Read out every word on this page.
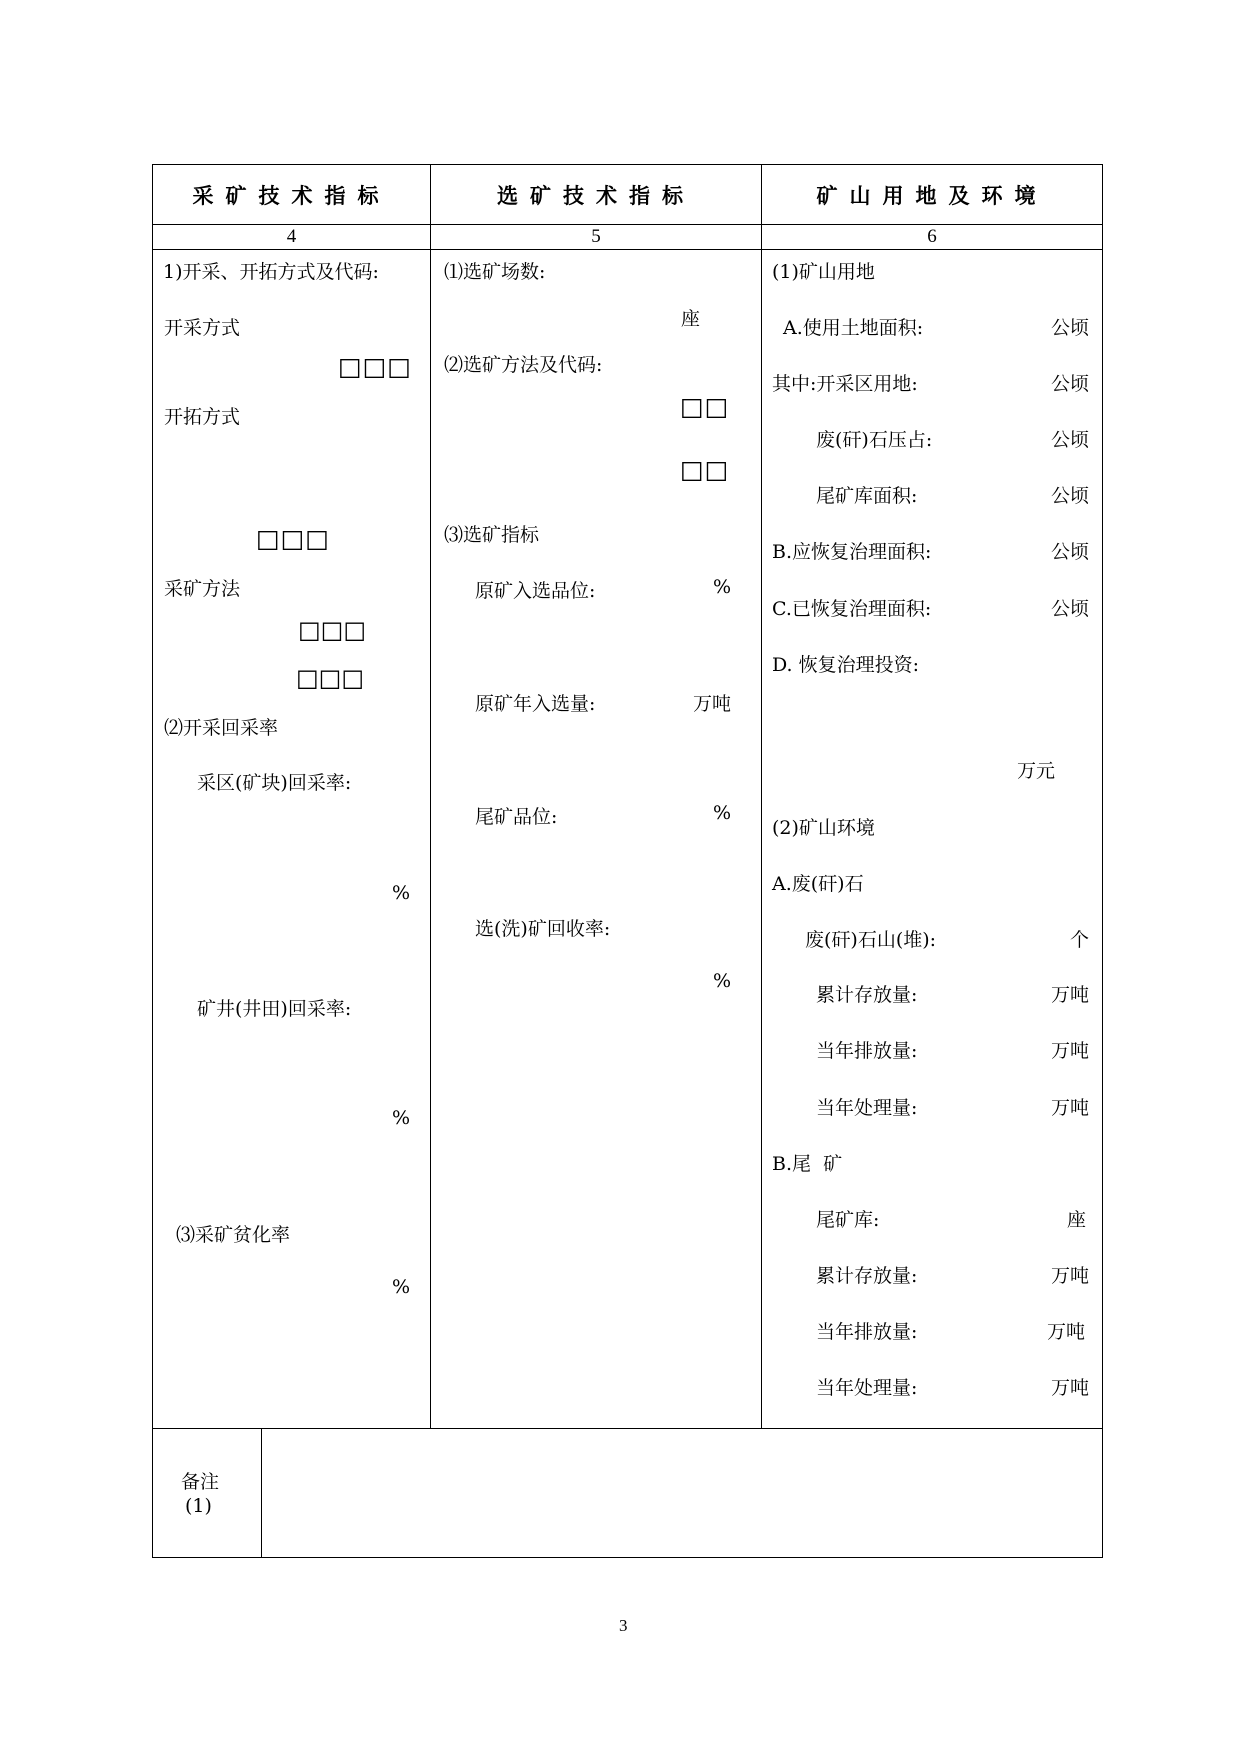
采矿技术指标	选矿技术指标	矿山用地及环境
4	5	6
1)开采、开拓方式及代码:
开采方式
□□□
开拓方式
□□□
采矿方法
□□□
□□□
⑵开采回采率
采区(矿块)回采率:
%
矿井(井田)回采率:
%
⑶采矿贫化率
%
⑴选矿场数:
座
⑵选矿方法及代码:
□□
□□
⑶选矿指标
原矿入选品位:	%
原矿年入选量:	万吨
尾矿品位:	%
选(洗)矿回收率:
%
(1)矿山用地
A.使用土地面积:	公顷
其中:开采区用地:	公顷
废(矸)石压占:	公顷
尾矿库面积:	公顷
B.应恢复治理面积:	公顷
C.已恢复治理面积:	公顷
D. 恢复治理投资:
万元
(2)矿山环境
A.废(矸)石
废(矸)石山(堆):	个
累计存放量:	万吨
当年排放量:	万吨
当年处理量:	万吨
B.尾  矿
尾矿库:	座
累计存放量:	万吨
当年排放量:	万吨
当年处理量:	万吨
备注
(1)
3
